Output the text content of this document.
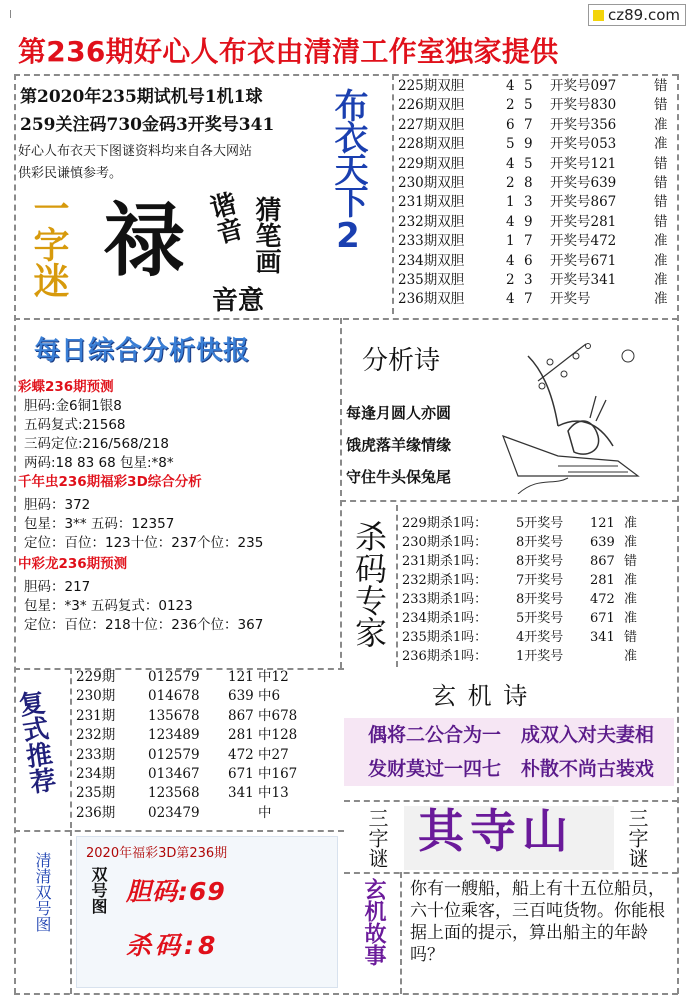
cz89.com
第236期好心人布衣由清清工作室独家提供
第2020年235期试机号1机1球
259关注码730金码3开奖号341
好心人布衣天下图谜资料均来自各大网站
供彩民谦慎参考。	布衣天下2
一字迷 禄 谐音 猜笔画
音意
225期双胆	4 5 开奖号097	错
226期双胆	2 5 开奖号830	错
227期双胆	6 7 开奖号356	准
228期双胆	5 9 开奖号053	准
229期双胆	4 5 开奖号121	错
230期双胆	2 8 开奖号639	错
231期双胆	1 3 开奖号867	错
232期双胆	4 9 开奖号281	错
233期双胆	1 7 开奖号472	准
234期双胆	4 6 开奖号671	准
235期双胆	2 3 开奖号341	准
236期双胆	4 7 开奖号	准
每日综合分析快报
彩蝶236期预测
胆码:金6铜1银8
五码复式:21568
三码定位:216/568/218
两码:18 83 68 包星:*8*
千年虫236期福彩3D综合分析
胆码：372
包星：3** 五码：12357
定位：百位：123十位：237个位：235
中彩龙236期预测
胆码：217
包星：*3* 五码复式：0123
定位：百位：218十位：236个位：367
分析诗
每逢月圆人亦圆
饿虎落羊缘情缘
守住牛头保兔尾
杀码专家 229期杀1吗： 5开奖号 121 准
230期杀1吗： 8开奖号 639 准
231期杀1吗： 8开奖号 867 错
232期杀1吗： 7开奖号 281 准
233期杀1吗： 8开奖号 472 准
234期杀1吗： 5开奖号 671 准
235期杀1吗： 4开奖号 341 错
236期杀1吗： 1开奖号	准
复式推荐
229期 012579 121 中12
230期 014678 639 中6
231期 135678 867 中678
232期 123489 281 中128
233期 012579 472 中27
234期 013467 671 中167
235期 123568 341 中13
236期 023479	中
玄 机 诗
偶将二公合为一   成双入对夫妻相
发财莫过一四七   朴散不尚古装戏
三字谜 其寺山	三字谜
玄机故事 你有一艘船，船上有十五位船员，六十位乘客，三百吨货物。你能根据上面的提示，算出船主的年龄吗？
清清双号图	2020年福彩3D第236期
双号图 胆码:69
杀码:8
